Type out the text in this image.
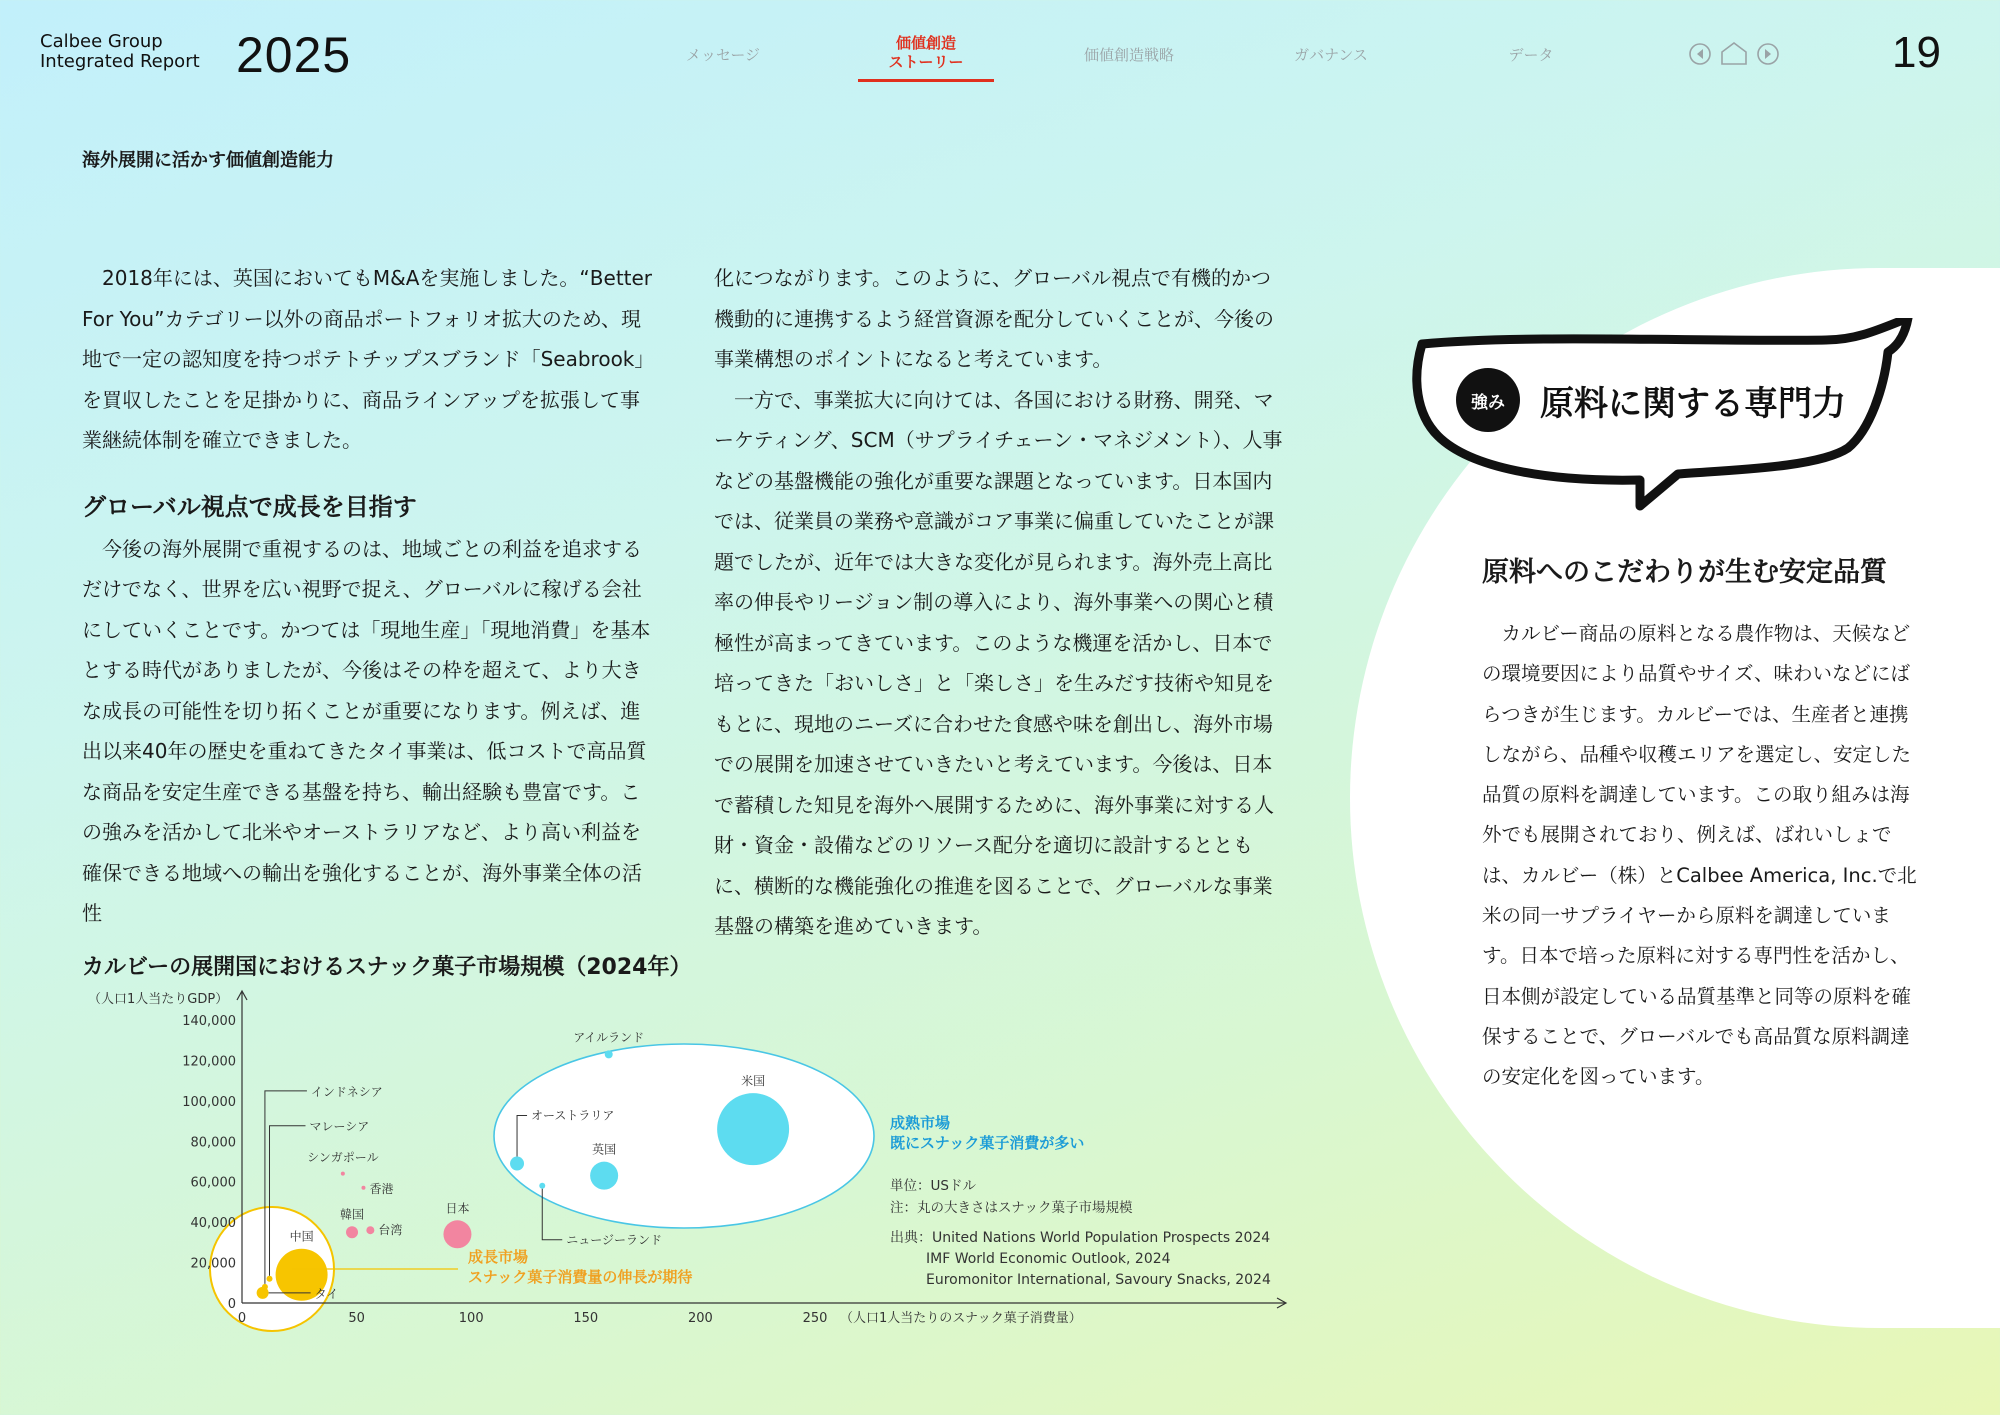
Calbee Group
Integrated Report 2025	メッセージ
価値創造
ストーリー	価値創造戦略	ガバナンス	データ	19
海外展開に活かす価値創造能力

2018年には、英国においてもM&Aを実施しました。“Better For You”カテゴリー以外の商品ポートフォリオ拡大のため、現地で一定の認知度を持つポテトチップスブランド「Seabrook」を買収したことを足掛かりに、商品ラインアップを拡張して事業継続体制を確立できました。

グローバル視点で成長を目指す

今後の海外展開で重視するのは、地域ごとの利益を追求するだけでなく、世界を広い視野で捉え、グローバルに稼げる会社にしていくことです。かつては「現地生産」「現地消費」を基本とする時代がありましたが、今後はその枠を超えて、より大きな成長の可能性を切り拓くことが重要になります。例えば、進出以来40年の歴史を重ねてきたタイ事業は、低コストで高品質な商品を安定生産できる基盤を持ち、輸出経験も豊富です。この強みを活かして北米やオーストラリアなど、より高い利益を確保できる地域への輸出を強化することが、海外事業全体の活性

化につながります。このように、グローバル視点で有機的かつ機動的に連携するよう経営資源を配分していくことが、今後の事業構想のポイントになると考えています。

一方で、事業拡大に向けては、各国における財務、開発、マーケティング、SCM（サプライチェーン・マネジメント）、人事などの基盤機能の強化が重要な課題となっています。日本国内では、従業員の業務や意識がコア事業に偏重していたことが課題でしたが、近年では大きな変化が見られます。海外売上高比率の伸長やリージョン制の導入により、海外事業への関心と積極性が高まってきています。このような機運を活かし、日本で培ってきた「おいしさ」と「楽しさ」を生みだす技術や知見をもとに、現地のニーズに合わせた食感や味を創出し、海外市場での展開を加速させていきたいと考えています。今後は、日本で蓄積した知見を海外へ展開するために、海外事業に対する人財・資金・設備などのリソース配分を適切に設計するとともに、横断的な機能強化の推進を図ることで、グローバルな事業基盤の構築を進めていきます。

カルビーの展開国におけるスナック菓子市場規模（2024年）
0
20,000
40,000
60,000
80,000
100,000
120,000
140,000
0	50	100	150	200	250
（人口1人当たりGDP）
（人口1人当たりのスナック菓子消費量）
米国
英国
アイルランド
オーストラリア
ニュージーランド
日本
韓国
台湾
香港
シンガポール
中国
タイ
インドネシア
マレーシア	成熟市場
既にスナック菓子消費が多い
成長市場
スナック菓子消費量の伸長が期待
単位：USドル
注：丸の大きさはスナック菓子市場規模
出典：United Nations World Population Prospects 2024
IMF World Economic Outlook, 2024
Euromonitor International, Savoury Snacks, 2024
強み	原料に関する専門力
原料へのこだわりが生む安定品質

カルビー商品の原料となる農作物は、天候などの環境要因により品質やサイズ、味わいなどにばらつきが生じます。カルビーでは、生産者と連携しながら、品種や収穫エリアを選定し、安定した品質の原料を調達しています。この取り組みは海外でも展開されており、例えば、ばれいしょでは、カルビー（株）とCalbee America, Inc.で北米の同一サプライヤーから原料を調達しています。日本で培った原料に対する専門性を活かし、日本側が設定している品質基準と同等の原料を確保することで、グローバルでも高品質な原料調達の安定化を図っています。
